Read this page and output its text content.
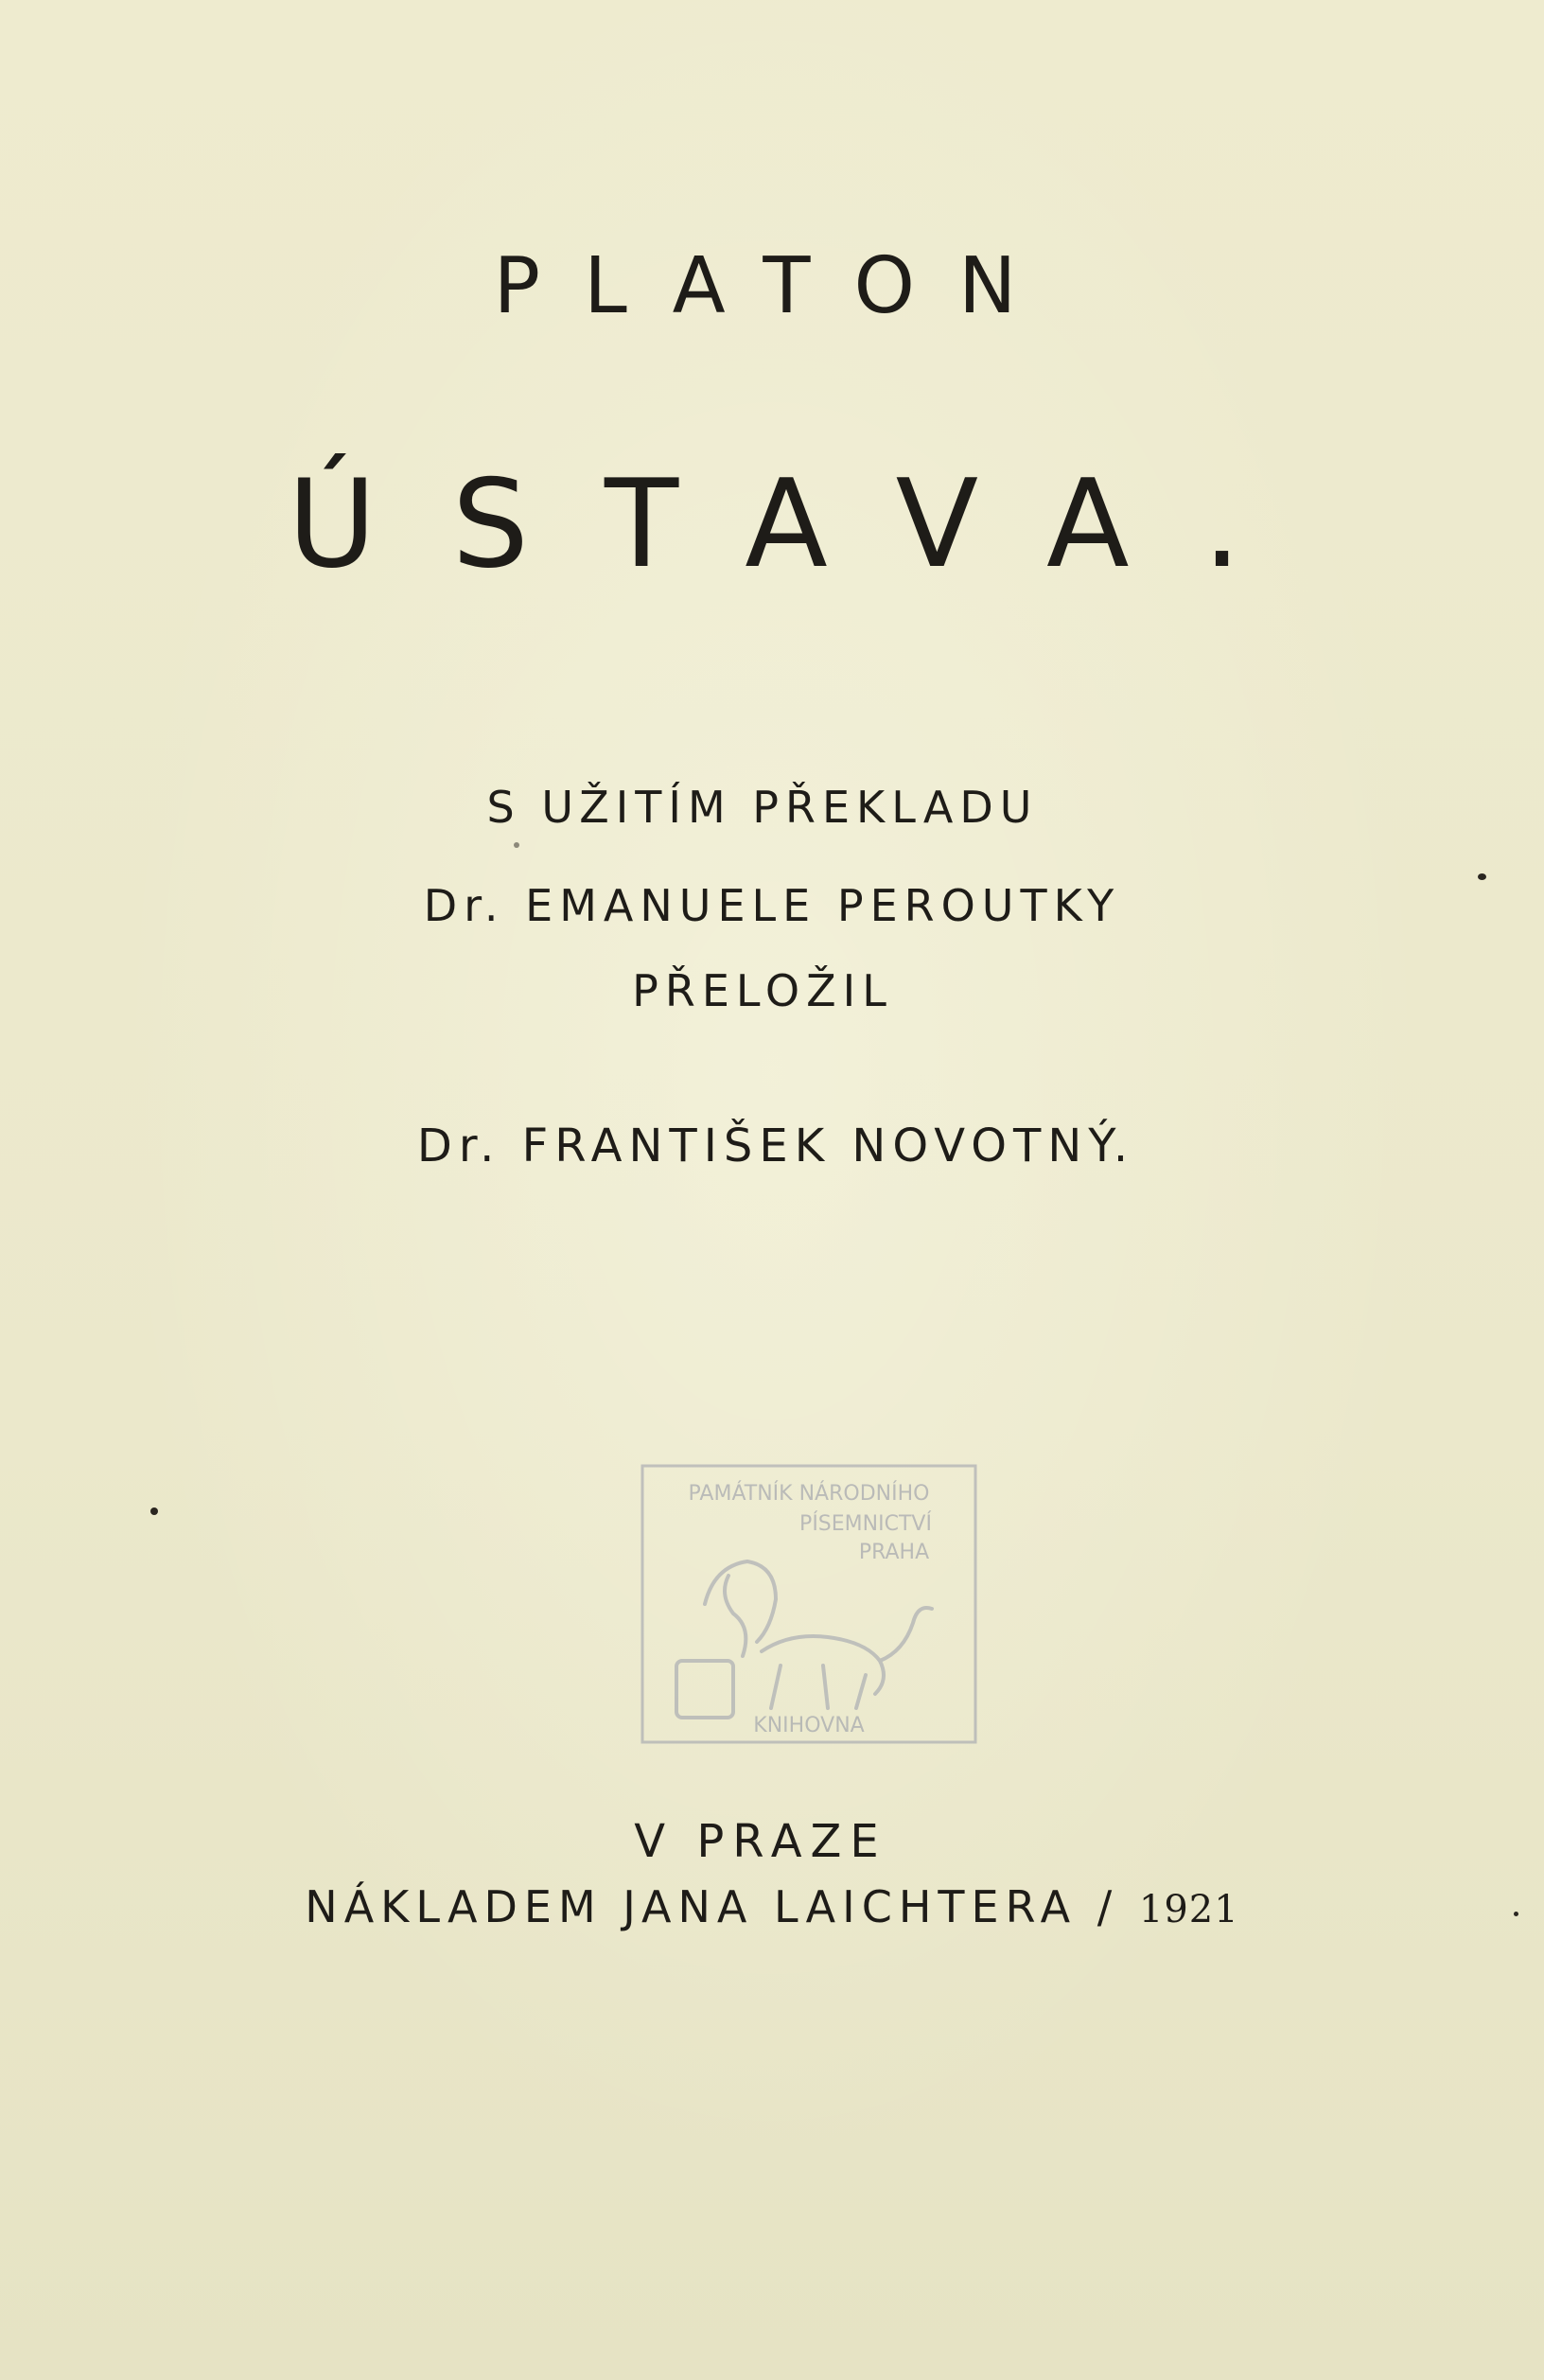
PLATON
ÚSTAVA.
S UŽITÍM PŘEKLADU
Dr. EMANUELE PEROUTKY
PŘELOŽIL
Dr. FRANTIŠEK NOVOTNÝ.
PAMÁTNÍK NÁRODNÍHO
PÍSEMNICTVÍ
PRAHA
KNIHOVNA
V PRAZE
NÁKLADEM JANA LAICHTERA / 1921
